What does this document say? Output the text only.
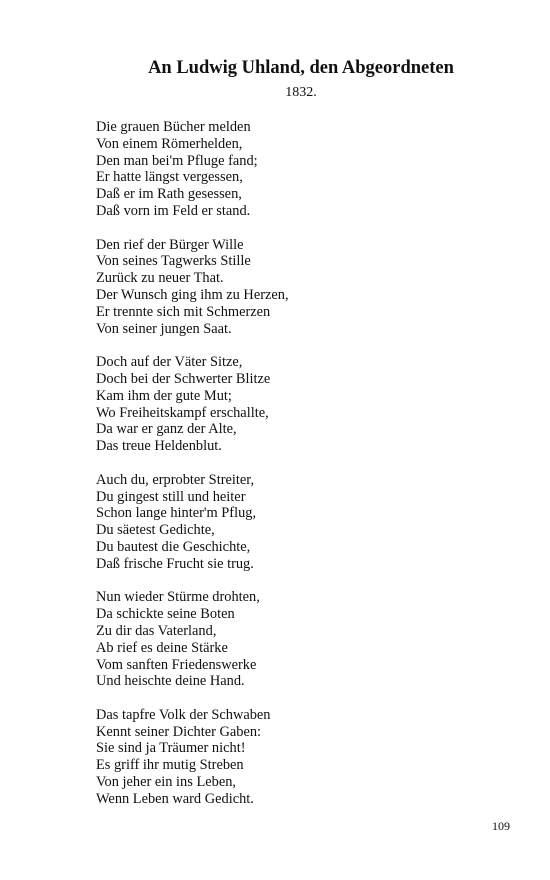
An Ludwig Uhland, den Abgeordneten
1832.
Die grauen Bücher melden
Von einem Römerhelden,
Den man bei'm Pfluge fand;
Er hatte längst vergessen,
Daß er im Rath gesessen,
Daß vorn im Feld er stand.
Den rief der Bürger Wille
Von seines Tagwerks Stille
Zurück zu neuer That.
Der Wunsch ging ihm zu Herzen,
Er trennte sich mit Schmerzen
Von seiner jungen Saat.
Doch auf der Väter Sitze,
Doch bei der Schwerter Blitze
Kam ihm der gute Mut;
Wo Freiheitskampf erschallte,
Da war er ganz der Alte,
Das treue Heldenblut.
Auch du, erprobter Streiter,
Du gingest still und heiter
Schon lange hinter'm Pflug,
Du säetest Gedichte,
Du bautest die Geschichte,
Daß frische Frucht sie trug.
Nun wieder Stürme drohten,
Da schickte seine Boten
Zu dir das Vaterland,
Ab rief es deine Stärke
Vom sanften Friedenswerke
Und heischte deine Hand.
Das tapfre Volk der Schwaben
Kennt seiner Dichter Gaben:
Sie sind ja Träumer nicht!
Es griff ihr mutig Streben
Von jeher ein ins Leben,
Wenn Leben ward Gedicht.
109
